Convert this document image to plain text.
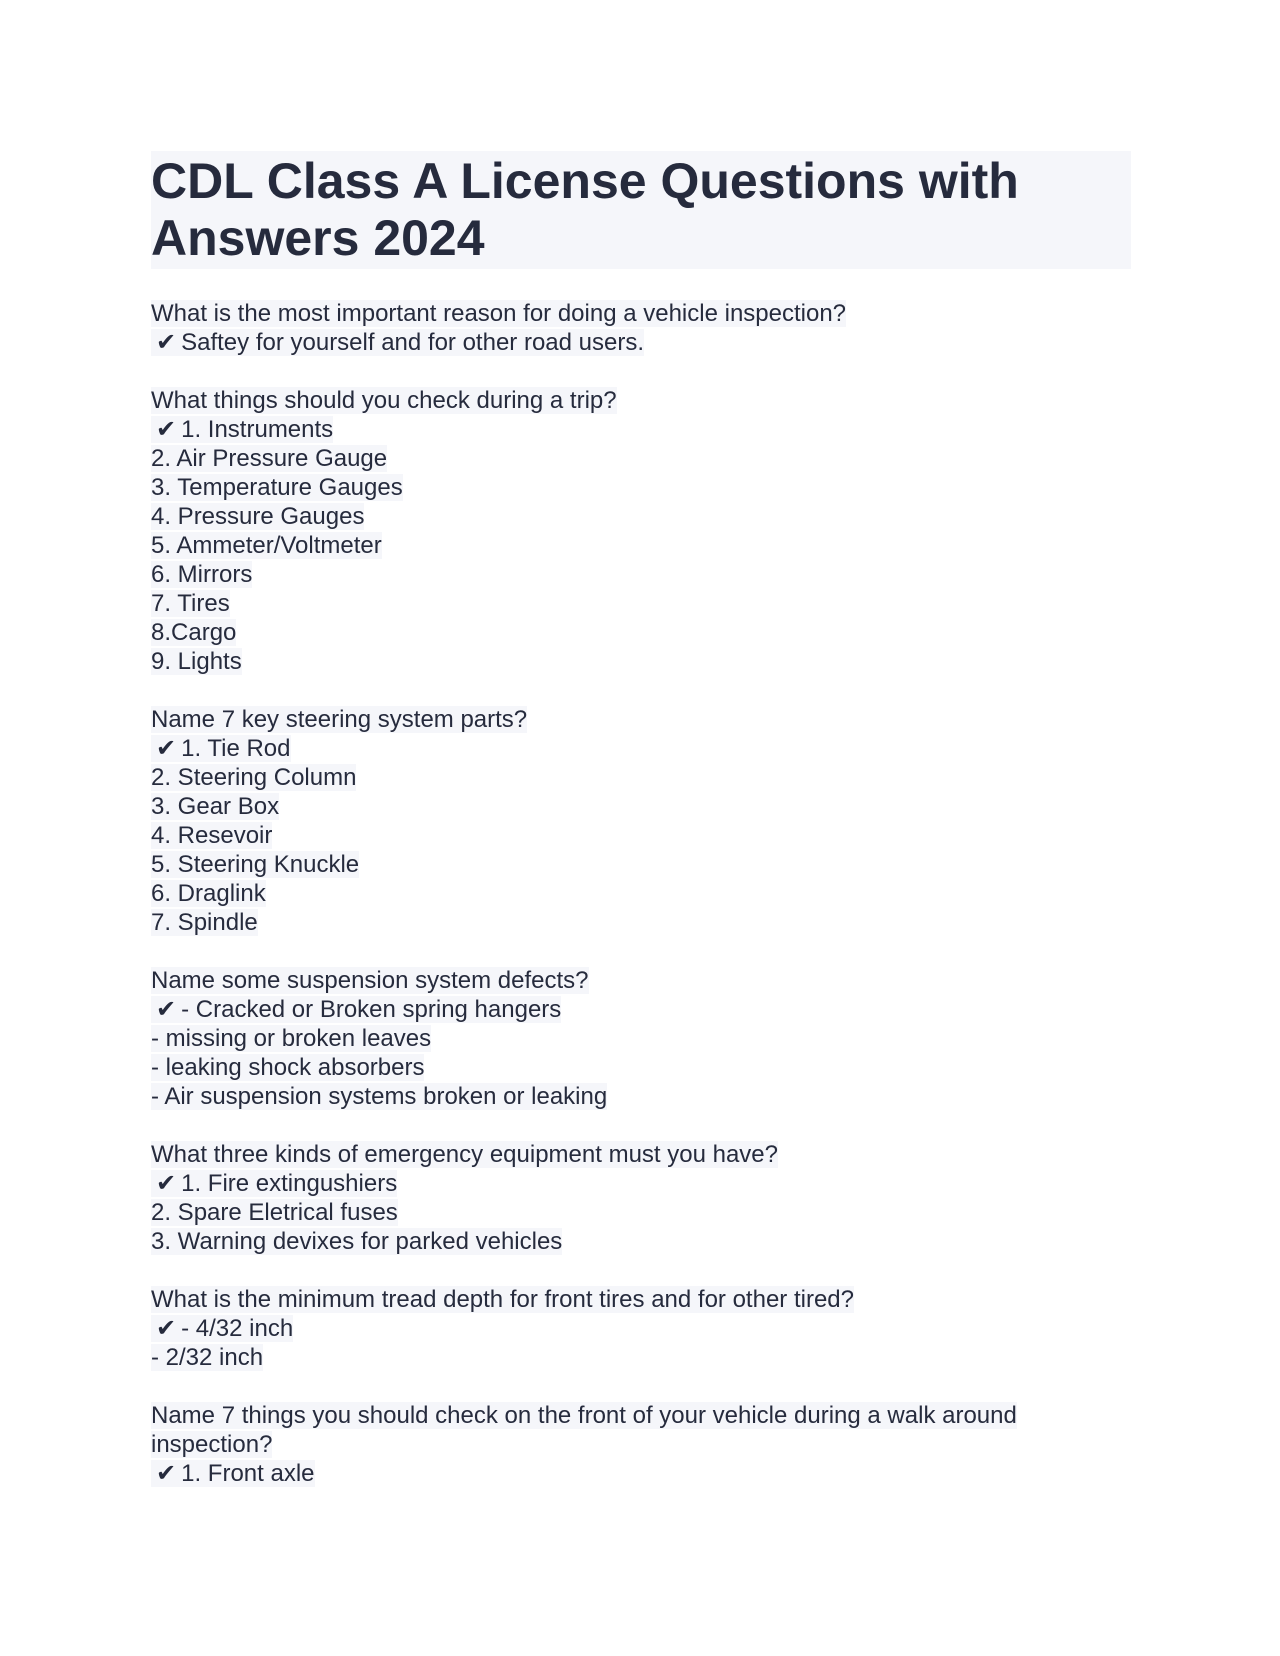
CDL Class A License Questions with Answers 2024
What is the most important reason for doing a vehicle inspection?
✔ Saftey for yourself and for other road users.
What things should you check during a trip?
✔ 1. Instruments
2. Air Pressure Gauge
3. Temperature Gauges
4. Pressure Gauges
5. Ammeter/Voltmeter
6. Mirrors
7. Tires
8.Cargo
9. Lights
Name 7 key steering system parts?
✔ 1. Tie Rod
2. Steering Column
3. Gear Box
4. Resevoir
5. Steering Knuckle
6. Draglink
7. Spindle
Name some suspension system defects?
✔ - Cracked or Broken spring hangers
- missing or broken leaves
- leaking shock absorbers
- Air suspension systems broken or leaking
What three kinds of emergency equipment must you have?
✔ 1. Fire extingushiers
2. Spare Eletrical fuses
3. Warning devixes for parked vehicles
What is the minimum tread depth for front tires and for other tired?
✔ - 4/32 inch
- 2/32 inch
Name 7 things you should check on the front of your vehicle during a walk around inspection?
✔ 1. Front axle
